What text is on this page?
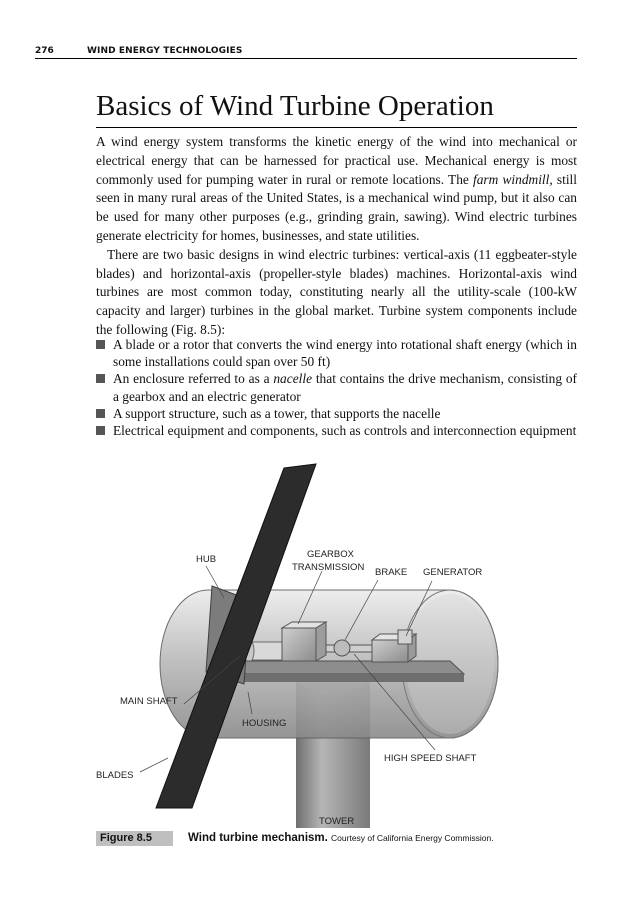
276	WIND ENERGY TECHNOLOGIES
Basics of Wind Turbine Operation

A wind energy system transforms the kinetic energy of the wind into mechanical or electrical energy that can be harnessed for practical use. Mechanical energy is most commonly used for pumping water in rural or remote locations. The farm windmill, still seen in many rural areas of the United States, is a mechanical wind pump, but it also can be used for many other purposes (e.g., grinding grain, sawing). Wind electric turbines generate electricity for homes, businesses, and state utilities.

There are two basic designs in wind electric turbines: vertical-axis (11 eggbeater-style blades) and horizontal-axis (propeller-style blades) machines. Horizontal-axis wind turbines are most common today, constituting nearly all the utility-scale (100-kW capacity and larger) turbines in the global market. Turbine system components include the following (Fig. 8.5):

A blade or a rotor that converts the wind energy into rotational shaft energy (which in some installations could span over 50 ft)
An enclosure referred to as a nacelle that contains the drive mechanism, consisting of a gearbox and an electric generator
A support structure, such as a tower, that supports the nacelle
Electrical equipment and components, such as controls and interconnection equipment
HUB	GEARBOX
TRANSMISSION BRAKE GENERATOR
MAIN SHAFT
HOUSING
HIGH SPEED SHAFT
BLADES
TOWER
Figure 8.5	Wind turbine mechanism. Courtesy of California Energy Commission.
